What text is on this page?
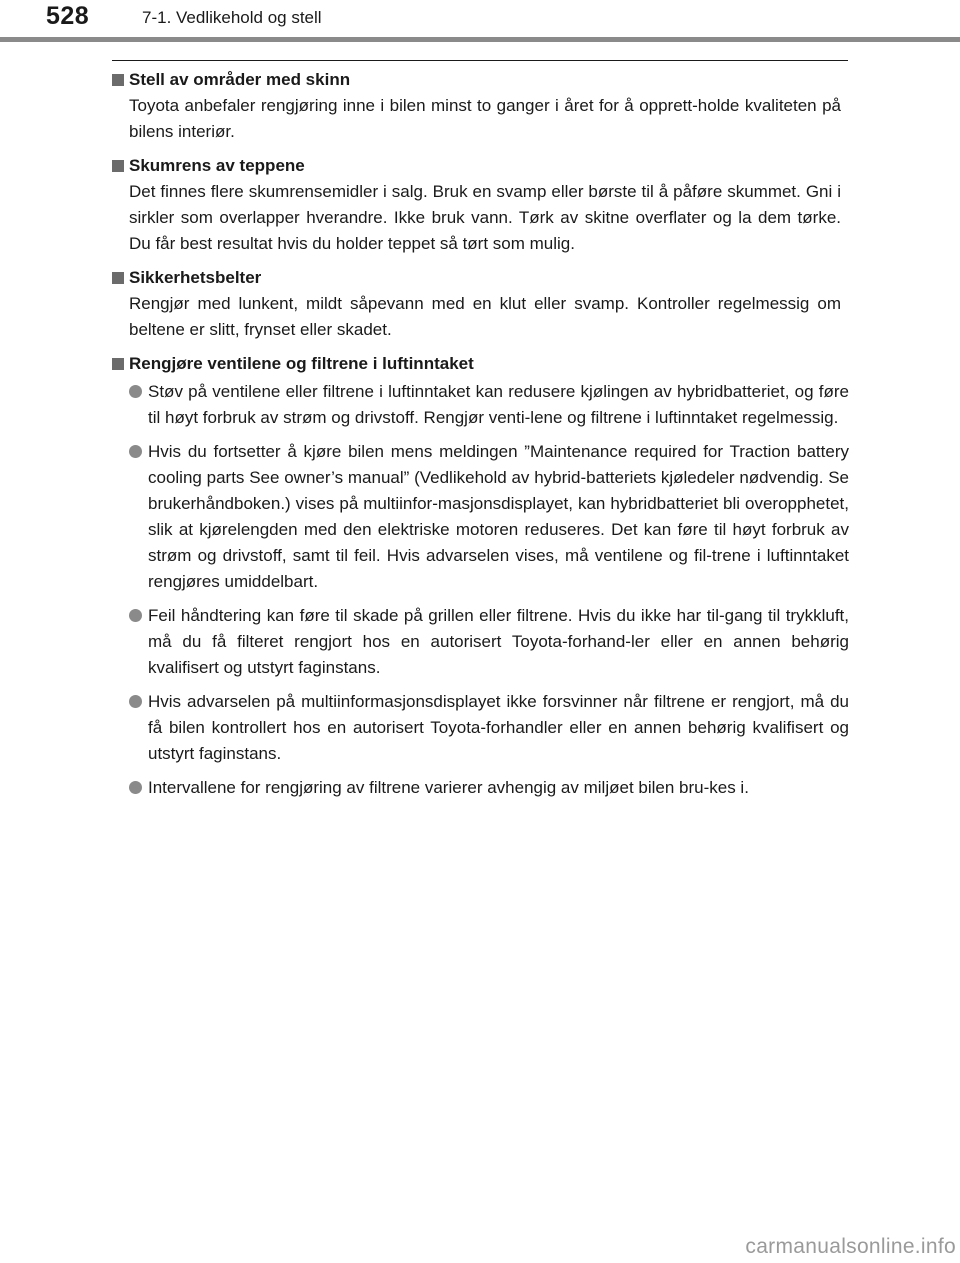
528	7-1. Vedlikehold og stell
Stell av områder med skinn
Toyota anbefaler rengjøring inne i bilen minst to ganger i året for å opprett-holde kvaliteten på bilens interiør.
Skumrens av teppene
Det finnes flere skumrensemidler i salg. Bruk en svamp eller børste til å påføre skummet. Gni i sirkler som overlapper hverandre. Ikke bruk vann. Tørk av skitne overflater og la dem tørke. Du får best resultat hvis du holder teppet så tørt som mulig.
Sikkerhetsbelter
Rengjør med lunkent, mildt såpevann med en klut eller svamp. Kontroller regelmessig om beltene er slitt, frynset eller skadet.
Rengjøre ventilene og filtrene i luftinntaket
Støv på ventilene eller filtrene i luftinntaket kan redusere kjølingen av hybridbatteriet, og føre til høyt forbruk av strøm og drivstoff. Rengjør venti-lene og filtrene i luftinntaket regelmessig.
Hvis du fortsetter å kjøre bilen mens meldingen ”Maintenance required for Traction battery cooling parts See owner’s manual” (Vedlikehold av hybrid-batteriets kjøledeler nødvendig. Se brukerhåndboken.) vises på multiinfor-masjonsdisplayet, kan hybridbatteriet bli overopphetet, slik at kjørelengden med den elektriske motoren reduseres. Det kan føre til høyt forbruk av strøm og drivstoff, samt til feil. Hvis advarselen vises, må ventilene og fil-trene i luftinntaket rengjøres umiddelbart.
Feil håndtering kan føre til skade på grillen eller filtrene. Hvis du ikke har til-gang til trykkluft, må du få filteret rengjort hos en autorisert Toyota-forhand-ler eller en annen behørig kvalifisert og utstyrt faginstans.
Hvis advarselen på multiinformasjonsdisplayet ikke forsvinner når filtrene er rengjort, må du få bilen kontrollert hos en autorisert Toyota-forhandler eller en annen behørig kvalifisert og utstyrt faginstans.
Intervallene for rengjøring av filtrene varierer avhengig av miljøet bilen bru-kes i.
carmanualsonline.info
